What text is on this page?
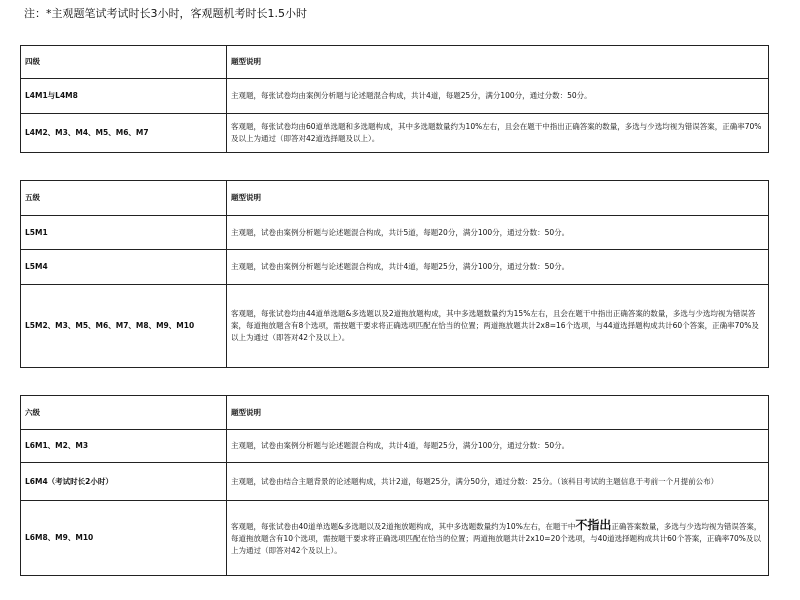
注：*主观题笔试考试时长3小时，客观题机考时长1.5小时
四级	题型说明
L4M1与L4M8	主观题，每张试卷均由案例分析题与论述题混合构成，共计4道，每题25分，满分100分，通过分数：50分。

L4M2、M3、M4、M5、M6、M7	客观题，每张试卷均由60道单选题和多选题构成，其中多选题数量约为10%左右，且会在题干中指出正确答案的数量，多选与少选均视为错误答案，正确率70%及以上为通过（即答对42道选择题及以上）。
五级	题型说明
L5M1	主观题，试卷由案例分析题与论述题混合构成，共计5道，每题20分，满分100分，通过分数：50分。

L5M4	主观题，试卷由案例分析题与论述题混合构成，共计4道，每题25分，满分100分，通过分数：50分。

L5M2、M3、M5、M6、M7、M8、M9、M10	客观题，每张试卷均由44道单选题&多选题以及2道拖放题构成，其中多选题数量约为15%左右，且会在题干中指出正确答案的数量，多选与少选均视为错误答案，每道拖放题含有8个选项，需按题干要求将正确选项匹配在恰当的位置；两道拖放题共计2x8=16个选项，与44道选择题构成共计60个答案，正确率70%及以上为通过（即答对42个及以上）。
六级	题型说明
L6M1、M2、M3	主观题，试卷由案例分析题与论述题混合构成，共计4道，每题25分，满分100分，通过分数：50分。

L6M4（考试时长2小时）	主观题，试卷由结合主题背景的论述题构成，共计2道，每题25分，满分50分，通过分数：25分。（该科目考试的主题信息于考前一个月提前公布）

L6M8、M9、M10	客观题，每张试卷由40道单选题&多选题以及2道拖放题构成，其中多选题数量约为10%左右，在题干中不指出正确答案数量，多选与少选均视为错误答案，每道拖放题含有10个选项，需按题干要求将正确选项匹配在恰当的位置；两道拖放题共计2x10=20个选项，与40道选择题构成共计60个答案，正确率70%及以上为通过（即答对42个及以上）。
